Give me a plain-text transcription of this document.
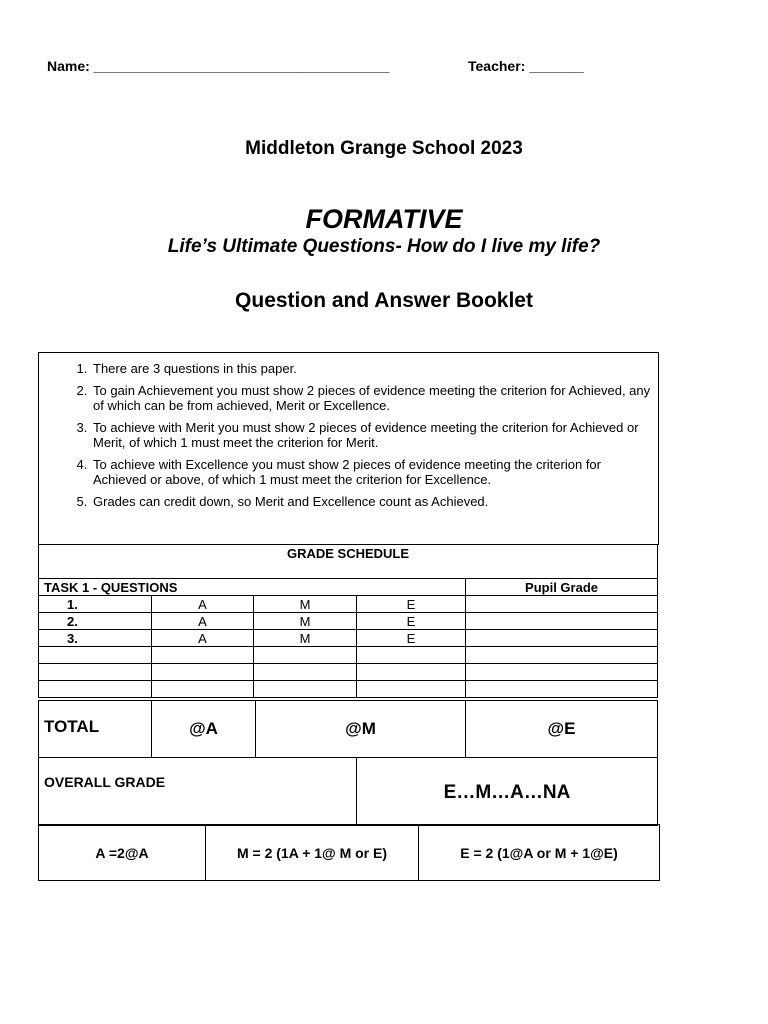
Name: ______________________________________	Teacher: _______
Middleton Grange School 2023
FORMATIVE
Life’s Ultimate Questions- How do I live my life?
Question and Answer Booklet
1. There are 3 questions in this paper.
2. To gain Achievement you must show 2 pieces of evidence meeting the criterion for Achieved, any of which can be from achieved, Merit or Excellence.
3. To achieve with Merit you must show 2 pieces of evidence meeting the criterion for Achieved or Merit, of which 1 must meet the criterion for Merit.
4. To achieve with Excellence you must show 2 pieces of evidence meeting the criterion for Achieved or above, of which 1 must meet the criterion for Excellence.
5. Grades can credit down, so Merit and Excellence count as Achieved.
GRADE SCHEDULE				
TASK 1 - QUESTIONS				Pupil Grade
1.	A	M	E	
2.	A	M	E	
3.	A	M	E	

TOTAL	@A	@M		@E
OVERALL GRADE			E…M…A…NA	
A =2@A	M = 2 (1A + 1@ M or E)	E = 2 (1@A or M + 1@E)
